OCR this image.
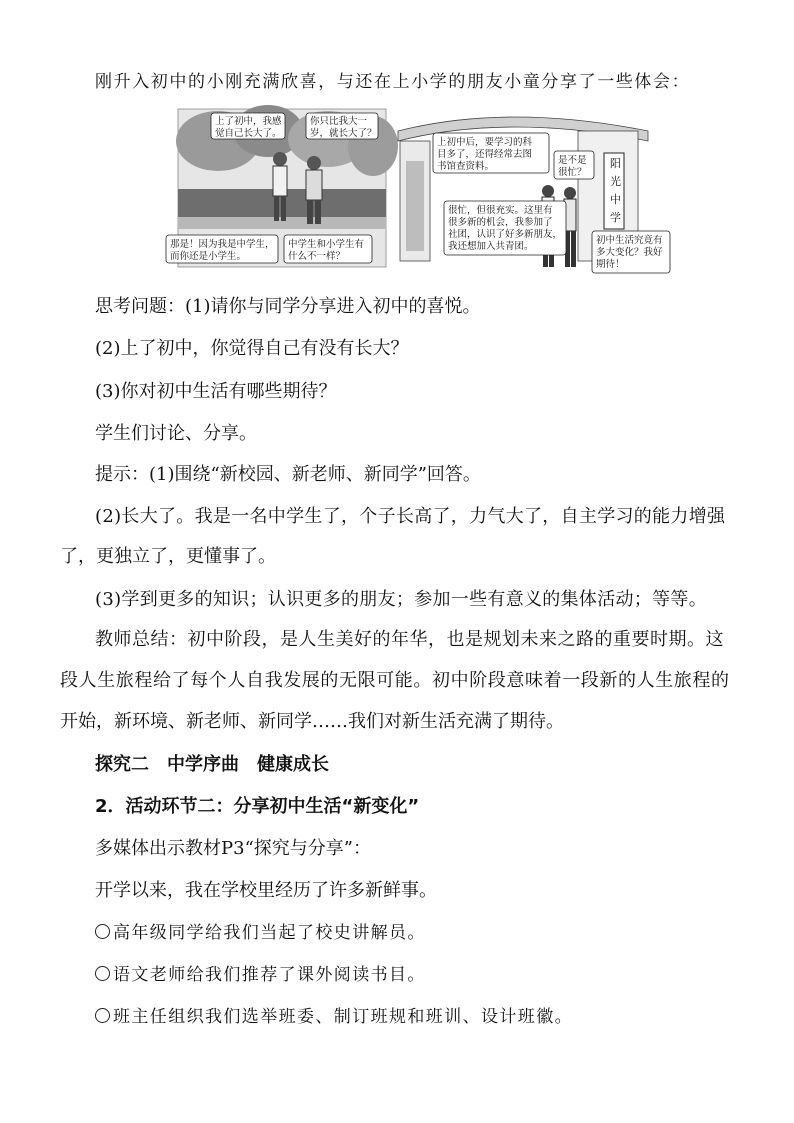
刚升入初中的小刚充满欣喜，与还在上小学的朋友小童分享了一些体会：
上了初中，我感
觉自己长大了。
你只比我大一
岁，就长大了？
那是！因为我是中学生，
而你还是小学生。
中学生和小学生有
什么不一样？
阳
光
中
学
上初中后，要学习的科
目多了，还得经常去图
书馆查资料。
是不是
很忙？
很忙，但很充实。这里有
很多新的机会，我参加了
社团，认识了好多新朋友，
我还想加入共青团。
初中生活究竟有
多大变化？我好
期待！
思考问题：(1)请你与同学分享进入初中的喜悦。
(2)上了初中，你觉得自己有没有长大？
(3)你对初中生活有哪些期待？
学生们讨论、分享。
提示：(1)围绕“新校园、新老师、新同学”回答。
(2)长大了。我是一名中学生了，个子长高了，力气大了，自主学习的能力增强
了，更独立了，更懂事了。
(3)学到更多的知识；认识更多的朋友；参加一些有意义的集体活动；等等。
教师总结：初中阶段，是人生美好的年华，也是规划未来之路的重要时期。这
段人生旅程给了每个人自我发展的无限可能。初中阶段意味着一段新的人生旅程的
开始，新环境、新老师、新同学……我们对新生活充满了期待。
探究二　中学序曲　健康成长
2．活动环节二：分享初中生活“新变化”
多媒体出示教材P3“探究与分享”：
开学以来，我在学校里经历了许多新鲜事。
高年级同学给我们当起了校史讲解员。
语文老师给我们推荐了课外阅读书目。
班主任组织我们选举班委、制订班规和班训、设计班徽。
